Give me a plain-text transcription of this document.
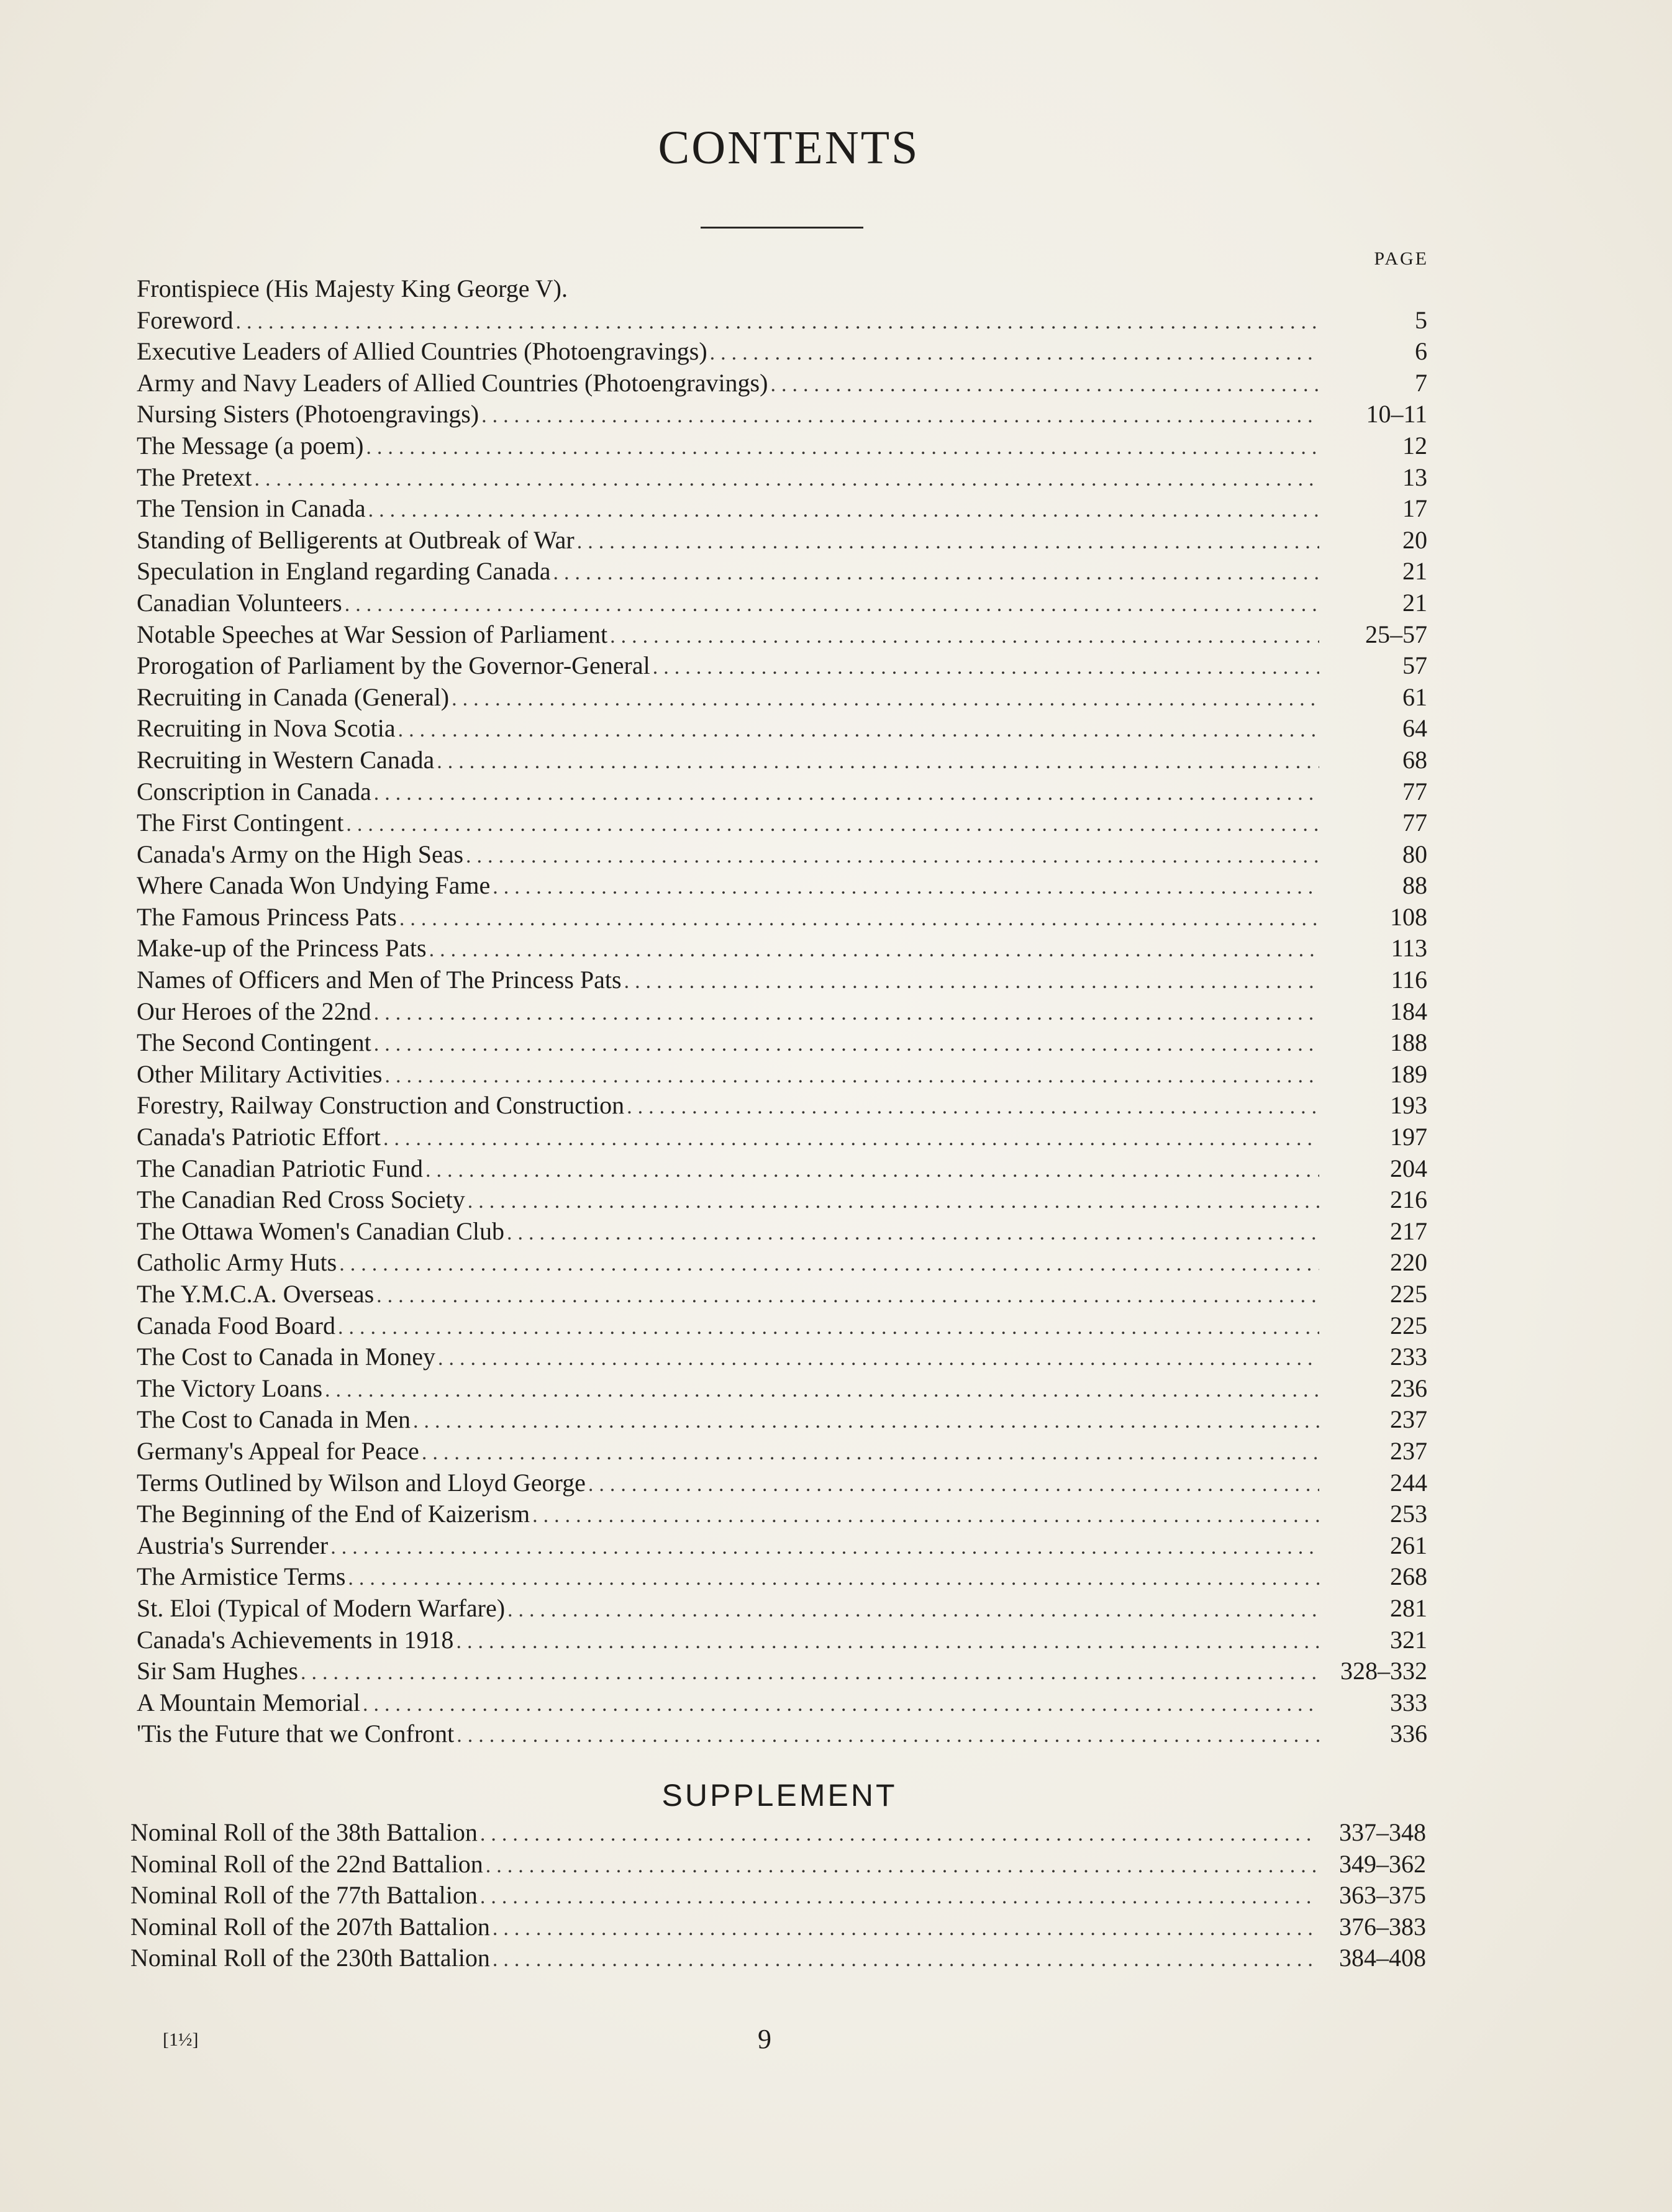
CONTENTS
PAGE
Frontispiece (His Majesty King George V).
Foreword .....	5
Executive Leaders of Allied Countries (Photoengravings) .....	6
Army and Navy Leaders of Allied Countries (Photoengravings) .....	7
Nursing Sisters (Photoengravings) .....	10–11
The Message (a poem) .....	12
The Pretext .....	13
The Tension in Canada .....	17
Standing of Belligerents at Outbreak of War .....	20
Speculation in England regarding Canada .....	21
Canadian Volunteers .....	21
Notable Speeches at War Session of Parliament .....	25–57
Prorogation of Parliament by the Governor-General .....	57
Recruiting in Canada (General) .....	61
Recruiting in Nova Scotia .....	64
Recruiting in Western Canada .....	68
Conscription in Canada .....	77
The First Contingent .....	77
Canada's Army on the High Seas .....	80
Where Canada Won Undying Fame .....	88
The Famous Princess Pats .....	108
Make-up of the Princess Pats .....	113
Names of Officers and Men of The Princess Pats .....	116
Our Heroes of the 22nd .....	184
The Second Contingent .....	188
Other Military Activities .....	189
Forestry, Railway Construction and Construction .....	193
Canada's Patriotic Effort .....	197
The Canadian Patriotic Fund .....	204
The Canadian Red Cross Society .....	216
The Ottawa Women's Canadian Club .....	217
Catholic Army Huts .....	220
The Y.M.C.A. Overseas .....	225
Canada Food Board .....	225
The Cost to Canada in Money .....	233
The Victory Loans .....	236
The Cost to Canada in Men .....	237
Germany's Appeal for Peace .....	237
Terms Outlined by Wilson and Lloyd George .....	244
The Beginning of the End of Kaizerism .....	253
Austria's Surrender .....	261
The Armistice Terms .....	268
St. Eloi (Typical of Modern Warfare) .....	281
Canada's Achievements in 1918 .....	321
Sir Sam Hughes .....	328–332
A Mountain Memorial .....	333
'Tis the Future that we Confront .....	336
SUPPLEMENT
Nominal Roll of the 38th Battalion .....	337–348
Nominal Roll of the 22nd Battalion .....	349–362
Nominal Roll of the 77th Battalion .....	363–375
Nominal Roll of the 207th Battalion .....	376–383
Nominal Roll of the 230th Battalion .....	384–408
[1½]	9
